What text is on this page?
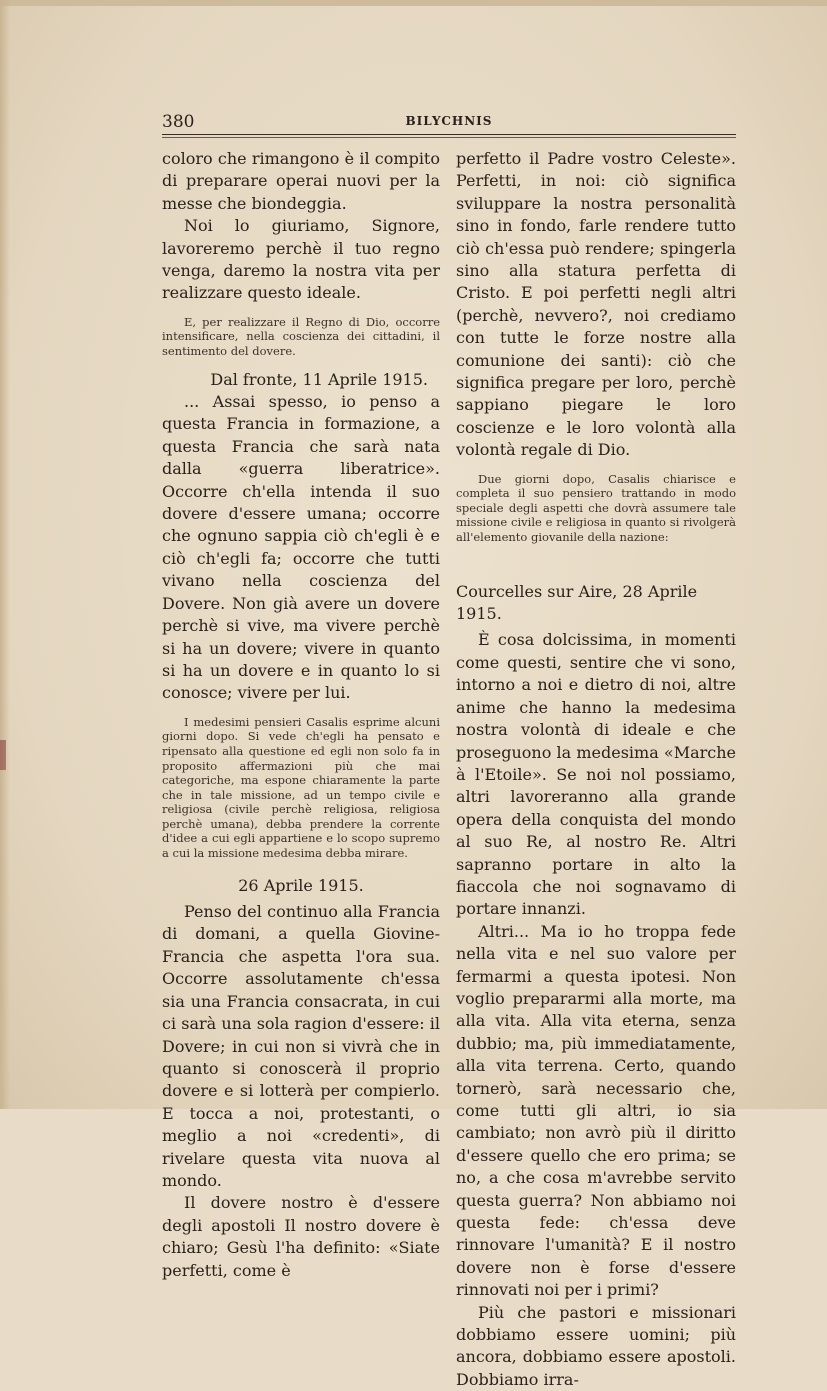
380	BILYCHNIS

coloro che rimangono è il compito di preparare operai nuovi per la messe che biondeggia.

Noi lo giuriamo, Signore, lavoreremo perchè il tuo regno venga, daremo la nostra vita per realizzare questo ideale.

E, per realizzare il Regno di Dio, occorre intensificare, nella coscienza dei cittadini, il sentimento del dovere.
Dal fronte, 11 Aprile 1915.

... Assai spesso, io penso a questa Francia in formazione, a questa Francia che sarà nata dalla «guerra liberatrice». Occorre ch'ella intenda il suo dovere d'essere umana; occorre che ognuno sappia ciò ch'egli è e ciò ch'egli fa; occorre che tutti vivano nella coscienza del Dovere. Non già avere un dovere perchè si vive, ma vivere perchè si ha un dovere; vivere in quanto si ha un dovere e in quanto lo si conosce; vivere per lui.

I medesimi pensieri Casalis esprime alcuni giorni dopo. Si vede ch'egli ha pensato e ripensato alla questione ed egli non solo fa in proposito affermazioni più che mai categoriche, ma espone chiaramente la parte che in tale missione, ad un tempo civile e religiosa (civile perchè religiosa, religiosa perchè umana), debba prendere la corrente d'idee a cui egli appartiene e lo scopo supremo a cui la missione medesima debba mirare.
26 Aprile 1915.

Penso del continuo alla Francia di domani, a quella Giovine-Francia che aspetta l'ora sua. Occorre assolutamente ch'essa sia una Francia consacrata, in cui ci sarà una sola ragion d'essere: il Dovere; in cui non si vivrà che in quanto si conoscerà il proprio dovere e si lotterà per compierlo. E tocca a noi, protestanti, o meglio a noi «credenti», di rivelare questa vita nuova al mondo.

Il dovere nostro è d'essere degli apostoli Il nostro dovere è chiaro; Gesù l'ha definito: «Siate perfetti, come è

perfetto il Padre vostro Celeste». Perfetti, in noi: ciò significa sviluppare la nostra personalità sino in fondo, farle rendere tutto ciò ch'essa può rendere; spingerla sino alla statura perfetta di Cristo. E poi perfetti negli altri (perchè, nevvero?, noi crediamo con tutte le forze nostre alla comunione dei santi): ciò che significa pregare per loro, perchè sappiano piegare le loro coscienze e le loro volontà alla volontà regale di Dio.

Due giorni dopo, Casalis chiarisce e completa il suo pensiero trattando in modo speciale degli aspetti che dovrà assumere tale missione civile e religiosa in quanto si rivolgerà all'elemento giovanile della nazione:
Courcelles sur Aire, 28 Aprile 1915.

È cosa dolcissima, in momenti come questi, sentire che vi sono, intorno a noi e dietro di noi, altre anime che hanno la medesima nostra volontà di ideale e che proseguono la medesima «Marche à l'Etoile». Se noi nol possiamo, altri lavoreranno alla grande opera della conquista del mondo al suo Re, al nostro Re. Altri sapranno portare in alto la fiaccola che noi sognavamo di portare innanzi.

Altri... Ma io ho troppa fede nella vita e nel suo valore per fermarmi a questa ipotesi. Non voglio prepararmi alla morte, ma alla vita. Alla vita eterna, senza dubbio; ma, più immediatamente, alla vita terrena. Certo, quando tornerò, sarà necessario che, come tutti gli altri, io sia cambiato; non avrò più il diritto d'essere quello che ero prima; se no, a che cosa m'avrebbe servito questa guerra? Non abbiamo noi questa fede: ch'essa deve rinnovare l'umanità? E il nostro dovere non è forse d'essere rinnovati noi per i primi?

Più che pastori e missionari dobbiamo essere uomini; più ancora, dobbiamo essere apostoli. Dobbiamo irra-
